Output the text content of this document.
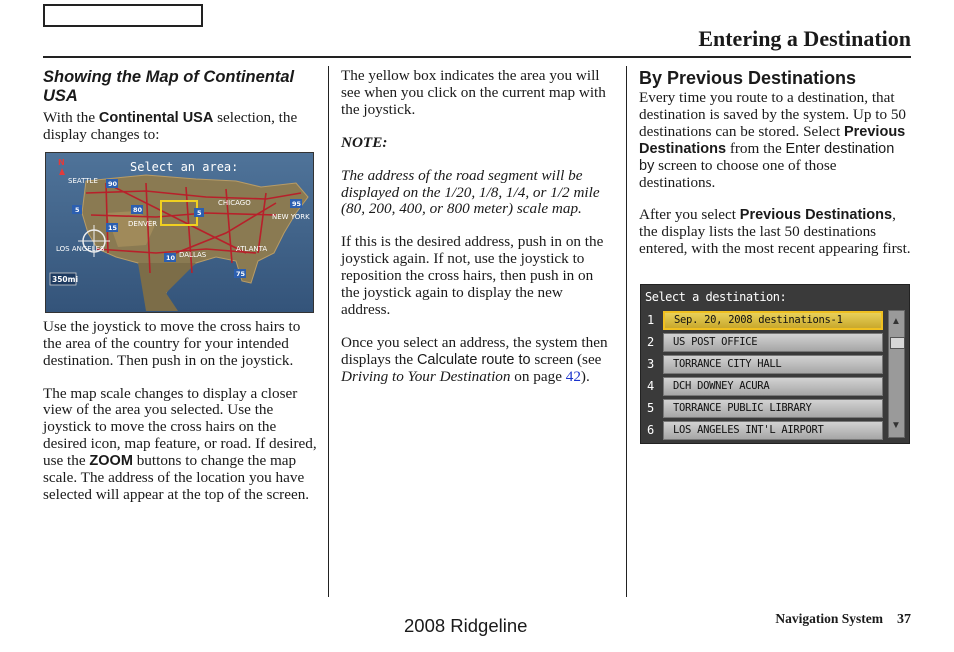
Entering a Destination
Showing the Map of Continental USA

With the Continental USA selection, the display changes to:

Use the joystick to move the cross hairs to the area of the country for your intended destination. Then push in on the joystick.

The map scale changes to display a closer view of the area you selected. Use the joystick to move the cross hairs on the desired icon, map feature, or road. If desired, use the ZOOM buttons to change the map scale. The address of the location you have selected will appear at the top of the screen.

Select an area:
N
SEATTLE
DENVER
CHICAGO
NEW YORK
LOS ANGELES
DALLAS
ATLANTA
90
80
5
15
10
95
75
5
350mi

The yellow box indicates the area you will see when you click on the current map with the joystick.

NOTE:

The address of the road segment will be displayed on the 1/20, 1/8, 1/4, or 1/2 mile (80, 200, 400, or 800 meter) scale map.

If this is the desired address, push in on the joystick again. If not, use the joystick to reposition the cross hairs, then push in on the joystick again to display the new address.

Once you select an address, the system then displays the Calculate route to screen (see Driving to Your Destination on page 42).

By Previous Destinations

Every time you route to a destination, that destination is saved by the system. Up to 50 destinations can be stored. Select Previous Destinations from the Enter destination by screen to choose one of those destinations.

After you select Previous Destinations, the display lists the last 50 destinations entered, with the most recent appearing first.

Select a destination:
1	Sep. 20, 2008 destinations-1
2	US POST OFFICE
3	TORRANCE CITY HALL
4	DCH DOWNEY ACURA
5	TORRANCE PUBLIC LIBRARY
6	LOS ANGELES INT'L AIRPORT
▲
▼
2008 Ridgeline	Navigation System 37
